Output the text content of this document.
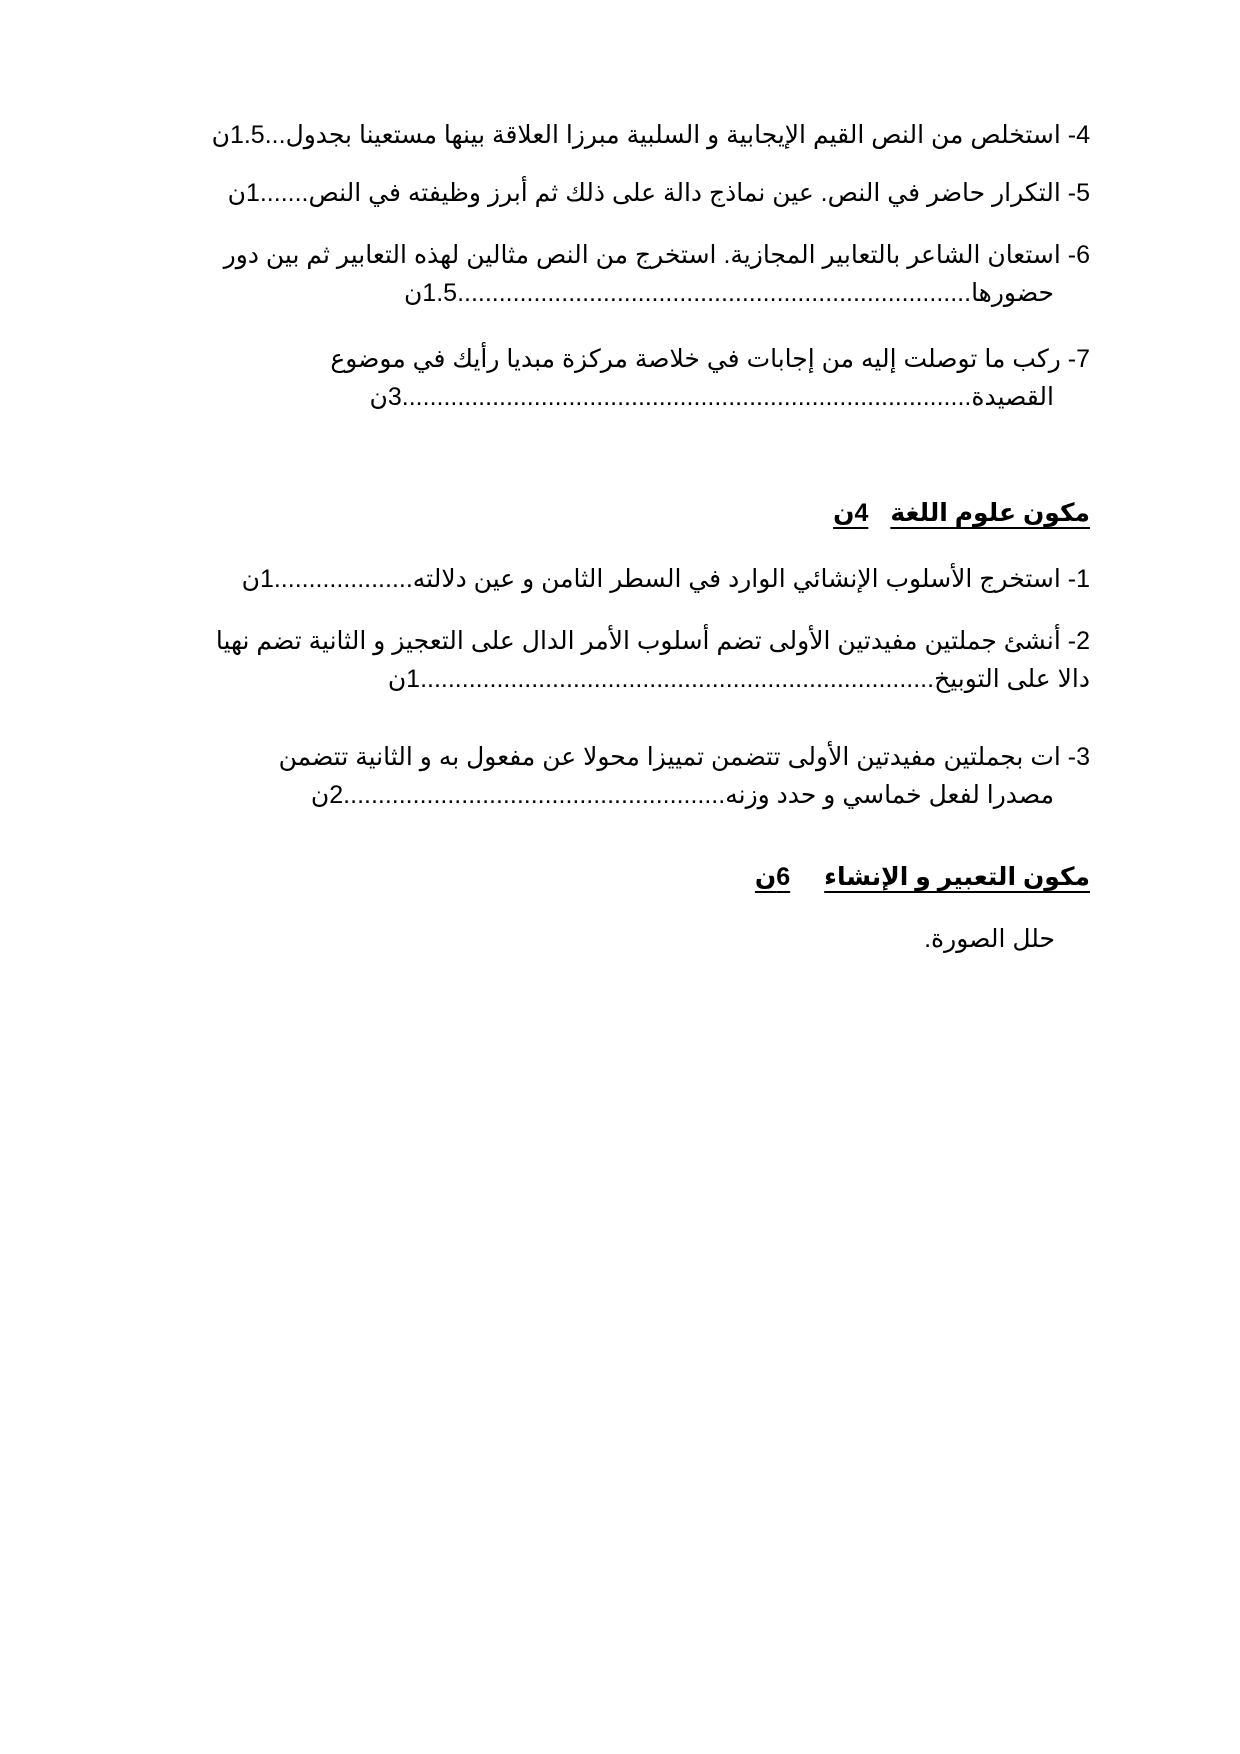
4- استخلص من النص القيم الإيجابية و السلبية مبرزا العلاقة بينها مستعينا بجدول...1.5ن
5- التكرار حاضر في النص. عين نماذج دالة على ذلك ثم أبرز وظيفته في النص.......1ن
6- استعان الشاعر بالتعابير المجازية. استخرج من النص مثالين لهذه التعابير ثم بين دور
حضورها..........................................................................1.5ن
7- ركب ما توصلت إليه من إجابات في خلاصة مركزة مبديا رأيك في موضوع
القصيدة..................................................................................3ن
مكون علوم اللغة4ن
1- استخرج الأسلوب الإنشائي الوارد في السطر الثامن و عين دلالته....................1ن
2- أنشئ جملتين مفيدتين الأولى تضم أسلوب الأمر الدال على التعجيز و الثانية تضم نهيا
دالا على التوبيخ..........................................................................1ن
3- ات بجملتين مفيدتين الأولى تتضمن تمييزا محولا عن مفعول به و الثانية تتضمن
مصدرا لفعل خماسي و حدد وزنه.......................................................2ن
مكون التعبير و الإنشاء6ن
حلل الصورة.
